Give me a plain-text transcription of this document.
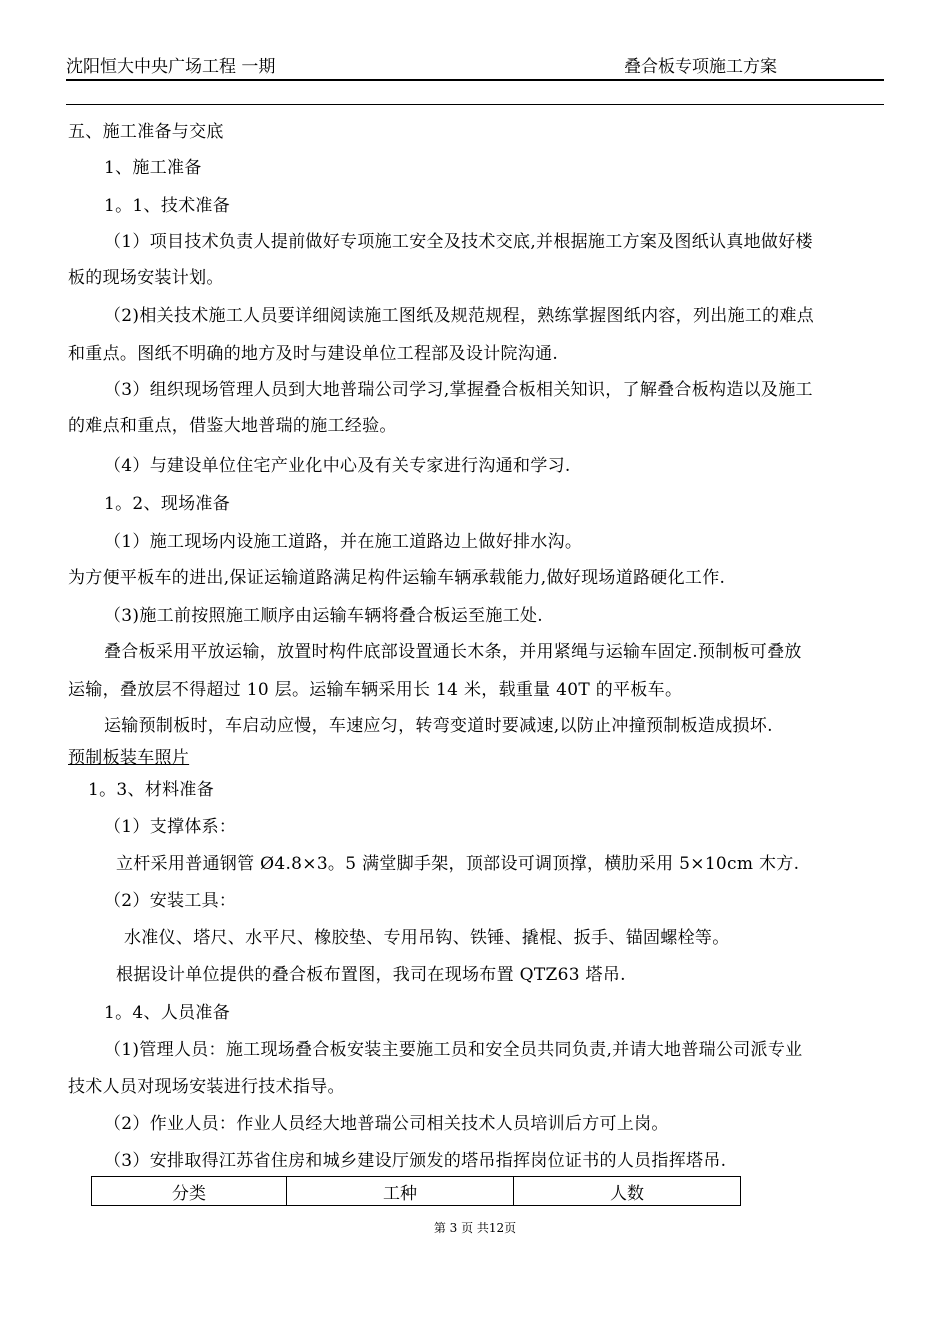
沈阳恒大中央广场工程 一期	叠合板专项施工方案
五、施工准备与交底
1、施工准备
1。1、技术准备
（1）项目技术负责人提前做好专项施工安全及技术交底,并根据施工方案及图纸认真地做好楼
板的现场安装计划。
（2)相关技术施工人员要详细阅读施工图纸及规范规程，熟练掌握图纸内容，列出施工的难点
和重点。图纸不明确的地方及时与建设单位工程部及设计院沟通.
（3）组织现场管理人员到大地普瑞公司学习,掌握叠合板相关知识，了解叠合板构造以及施工
的难点和重点，借鉴大地普瑞的施工经验。
（4）与建设单位住宅产业化中心及有关专家进行沟通和学习.
1。2、现场准备
（1）施工现场内设施工道路，并在施工道路边上做好排水沟。
为方便平板车的进出,保证运输道路满足构件运输车辆承载能力,做好现场道路硬化工作.
（3)施工前按照施工顺序由运输车辆将叠合板运至施工处.
叠合板采用平放运输，放置时构件底部设置通长木条，并用紧绳与运输车固定.预制板可叠放
运输，叠放层不得超过 10 层。运输车辆采用长 14 米，载重量 40T 的平板车。
运输预制板时，车启动应慢，车速应匀，转弯变道时要减速,以防止冲撞预制板造成损坏.
预制板装车照片
1。3、材料准备
（1）支撑体系：
立杆采用普通钢管 Ø4.8×3。5 满堂脚手架，顶部设可调顶撑，横肋采用 5×10cm 木方.
（2）安装工具：
水准仪、塔尺、水平尺、橡胶垫、专用吊钩、铁锤、撬棍、扳手、锚固螺栓等。
根据设计单位提供的叠合板布置图，我司在现场布置 QTZ63 塔吊.
1。4、人员准备
（1)管理人员：施工现场叠合板安装主要施工员和安全员共同负责,并请大地普瑞公司派专业
技术人员对现场安装进行技术指导。
（2）作业人员：作业人员经大地普瑞公司相关技术人员培训后方可上岗。
（3）安排取得江苏省住房和城乡建设厅颁发的塔吊指挥岗位证书的人员指挥塔吊.
分类	工种	人数
第 3 页 共12页
